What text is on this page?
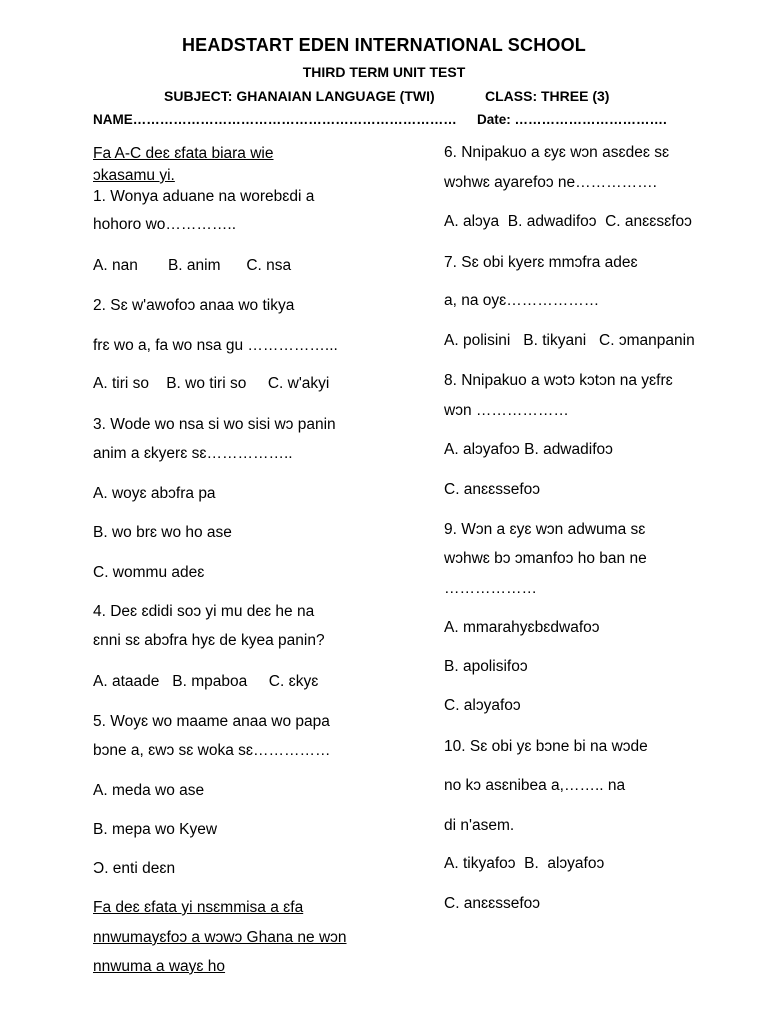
HEADSTART EDEN INTERNATIONAL SCHOOL
THIRD TERM UNIT TEST
SUBJECT: GHANAIAN LANGUAGE (TWI)	CLASS: THREE (3)
NAME……………………………………………………………… Date: …………………………….
Fa A-C deɛ ɛfata biara wie
ɔkasamu yi.
1. Wonya aduane na worebɛdi a
hohoro wo…………..
A. nan       B. anim      C. nsa
2. Sɛ w'awofoɔ anaa wo tikya
frɛ wo a, fa wo nsa gu ……………...
A. tiri so    B. wo tiri so     C. w'akyi
3. Wode wo nsa si wo sisi wɔ panin
anim a ɛkyerɛ sɛ……………..
A. woyɛ abɔfra pa
B. wo brɛ wo ho ase
C. wommu adeɛ
4. Deɛ ɛdidi soɔ yi mu deɛ he na
ɛnni sɛ abɔfra hyɛ de kyea panin?
A. ataade   B. mpaboa     C. ɛkyɛ
5. Woyɛ wo maame anaa wo papa
bɔne a, ɛwɔ sɛ woka sɛ……………
A. meda wo ase
B. mepa wo Kyew
Ɔ. enti deɛn
Fa deɛ ɛfata yi nsɛmmisa a ɛfa
nnwumayɛfoɔ a wɔwɔ Ghana ne wɔn
nnwuma a wayɛ ho
6. Nnipakuo a ɛyɛ wɔn asɛdeɛ sɛ
wɔhwɛ ayarefoɔ ne…………….
A. alɔya  B. adwadifoɔ  C. anɛɛsɛfoɔ
7. Sɛ obi kyerɛ mmɔfra adeɛ
a, na oyɛ………………
A. polisini   B. tikyani   C. ɔmanpanin
8. Nnipakuo a wɔtɔ kɔtɔn na yɛfrɛ
wɔn ………………
A. alɔyafoɔ B. adwadifoɔ
C. anɛɛssefoɔ
9. Wɔn a ɛyɛ wɔn adwuma sɛ
wɔhwɛ bɔ ɔmanfoɔ ho ban ne
………………
A. mmarahyɛbɛdwafoɔ
B. apolisifoɔ
C. alɔyafoɔ
10. Sɛ obi yɛ bɔne bi na wɔde
no kɔ asɛnibea a,…….. na
di n'asem.
A. tikyafoɔ  B.  alɔyafoɔ
C. anɛɛssefoɔ
